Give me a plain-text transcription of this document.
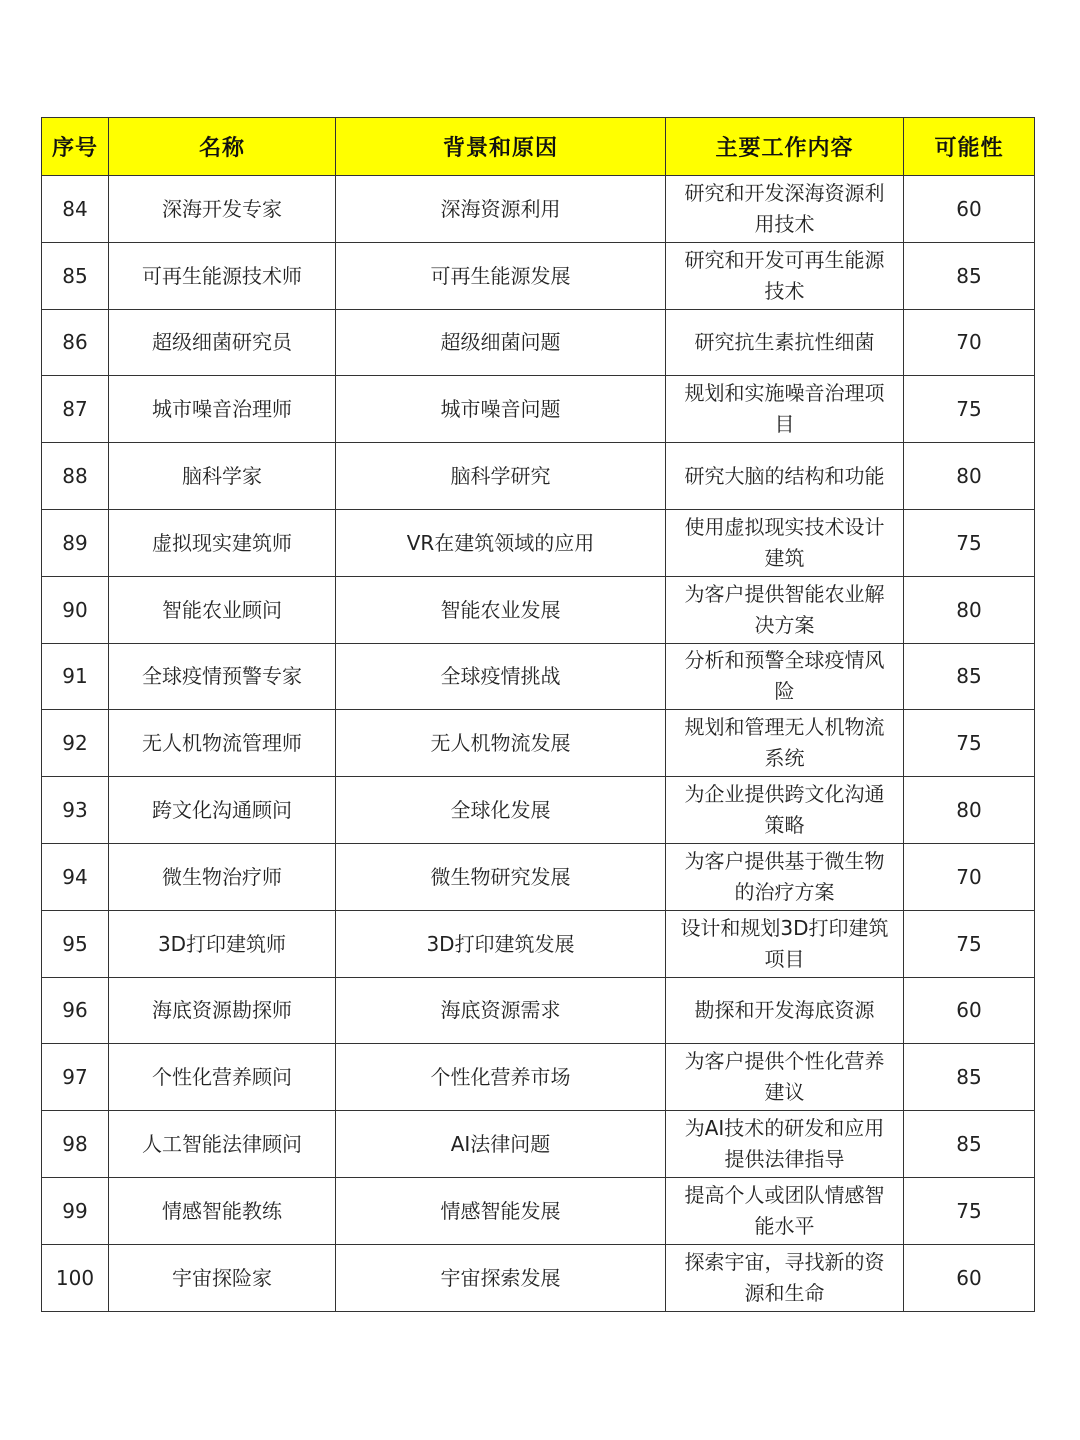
序号	名称	背景和原因	主要工作内容	可能性
84	深海开发专家	深海资源利用	研究和开发深海资源利用技术	60
85	可再生能源技术师	可再生能源发展	研究和开发可再生能源技术	85
86	超级细菌研究员	超级细菌问题	研究抗生素抗性细菌	70
87	城市噪音治理师	城市噪音问题	规划和实施噪音治理项目	75
88	脑科学家	脑科学研究	研究大脑的结构和功能	80
89	虚拟现实建筑师	VR在建筑领域的应用	使用虚拟现实技术设计建筑	75
90	智能农业顾问	智能农业发展	为客户提供智能农业解决方案	80
91	全球疫情预警专家	全球疫情挑战	分析和预警全球疫情风险	85
92	无人机物流管理师	无人机物流发展	规划和管理无人机物流系统	75
93	跨文化沟通顾问	全球化发展	为企业提供跨文化沟通策略	80
94	微生物治疗师	微生物研究发展	为客户提供基于微生物的治疗方案	70
95	3D打印建筑师	3D打印建筑发展	设计和规划3D打印建筑项目	75
96	海底资源勘探师	海底资源需求	勘探和开发海底资源	60
97	个性化营养顾问	个性化营养市场	为客户提供个性化营养建议	85
98	人工智能法律顾问	AI法律问题	为AI技术的研发和应用提供法律指导	85
99	情感智能教练	情感智能发展	提高个人或团队情感智能水平	75
100	宇宙探险家	宇宙探索发展	探索宇宙，寻找新的资源和生命	60
